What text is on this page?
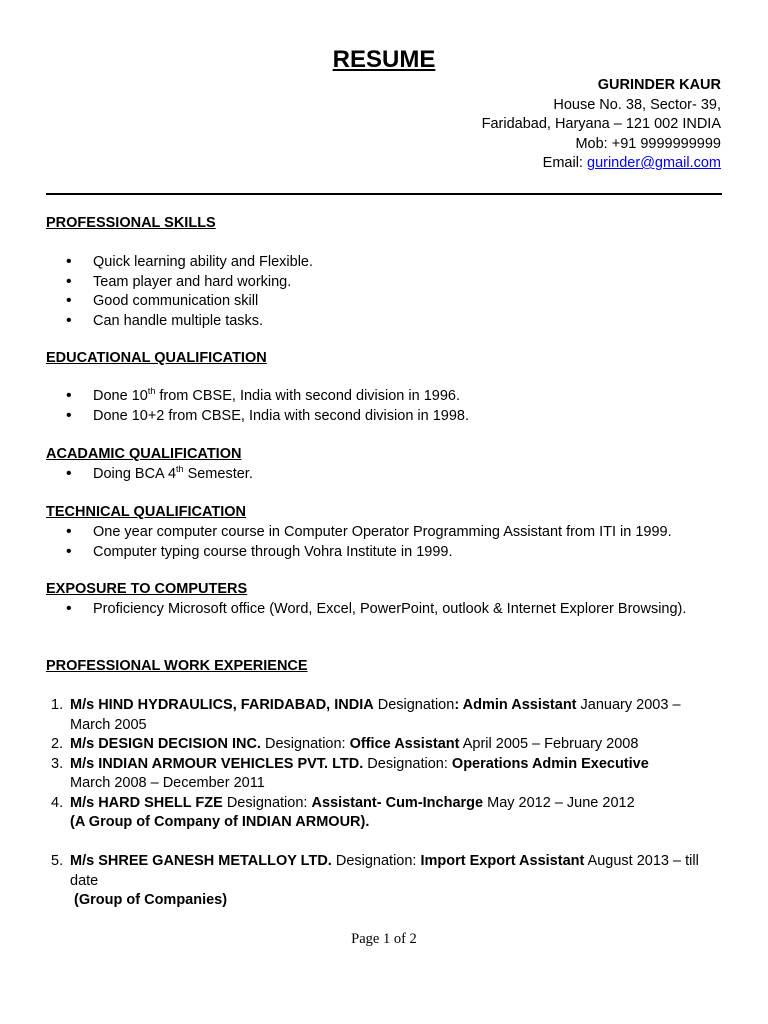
RESUME
GURINDER KAUR
House No. 38, Sector- 39,
Faridabad, Haryana – 121 002 INDIA
Mob: +91 9999999999
Email: gurinder@gmail.com
PROFESSIONAL SKILLS
• Quick learning ability and Flexible.
• Team player and hard working.
• Good communication skill
• Can handle multiple tasks.
EDUCATIONAL QUALIFICATION
• Done 10th from CBSE, India with second division in 1996.
• Done 10+2 from CBSE, India with second division in 1998.
ACADAMIC QUALIFICATION
• Doing BCA 4th Semester.
TECHNICAL QUALIFICATION
• One year computer course in Computer Operator Programming Assistant from ITI in 1999.
• Computer typing course through Vohra Institute in 1999.
EXPOSURE TO COMPUTERS
• Proficiency Microsoft office (Word, Excel, PowerPoint, outlook & Internet Explorer Browsing).
PROFESSIONAL WORK EXPERIENCE
1. M/s HIND HYDRAULICS, FARIDABAD, INDIA Designation: Admin Assistant January 2003 – March 2005
2. M/s DESIGN DECISION INC. Designation: Office Assistant April 2005 – February 2008
3. M/s INDIAN ARMOUR VEHICLES PVT. LTD. Designation: Operations Admin Executive
March 2008 – December 2011
4. M/s HARD SHELL FZE Designation: Assistant- Cum-Incharge May 2012 – June 2012
(A Group of Company of INDIAN ARMOUR).
5. M/s SHREE GANESH METALLOY LTD. Designation: Import Export Assistant August 2013 – till date
(Group of Companies)
Page 1 of 2
